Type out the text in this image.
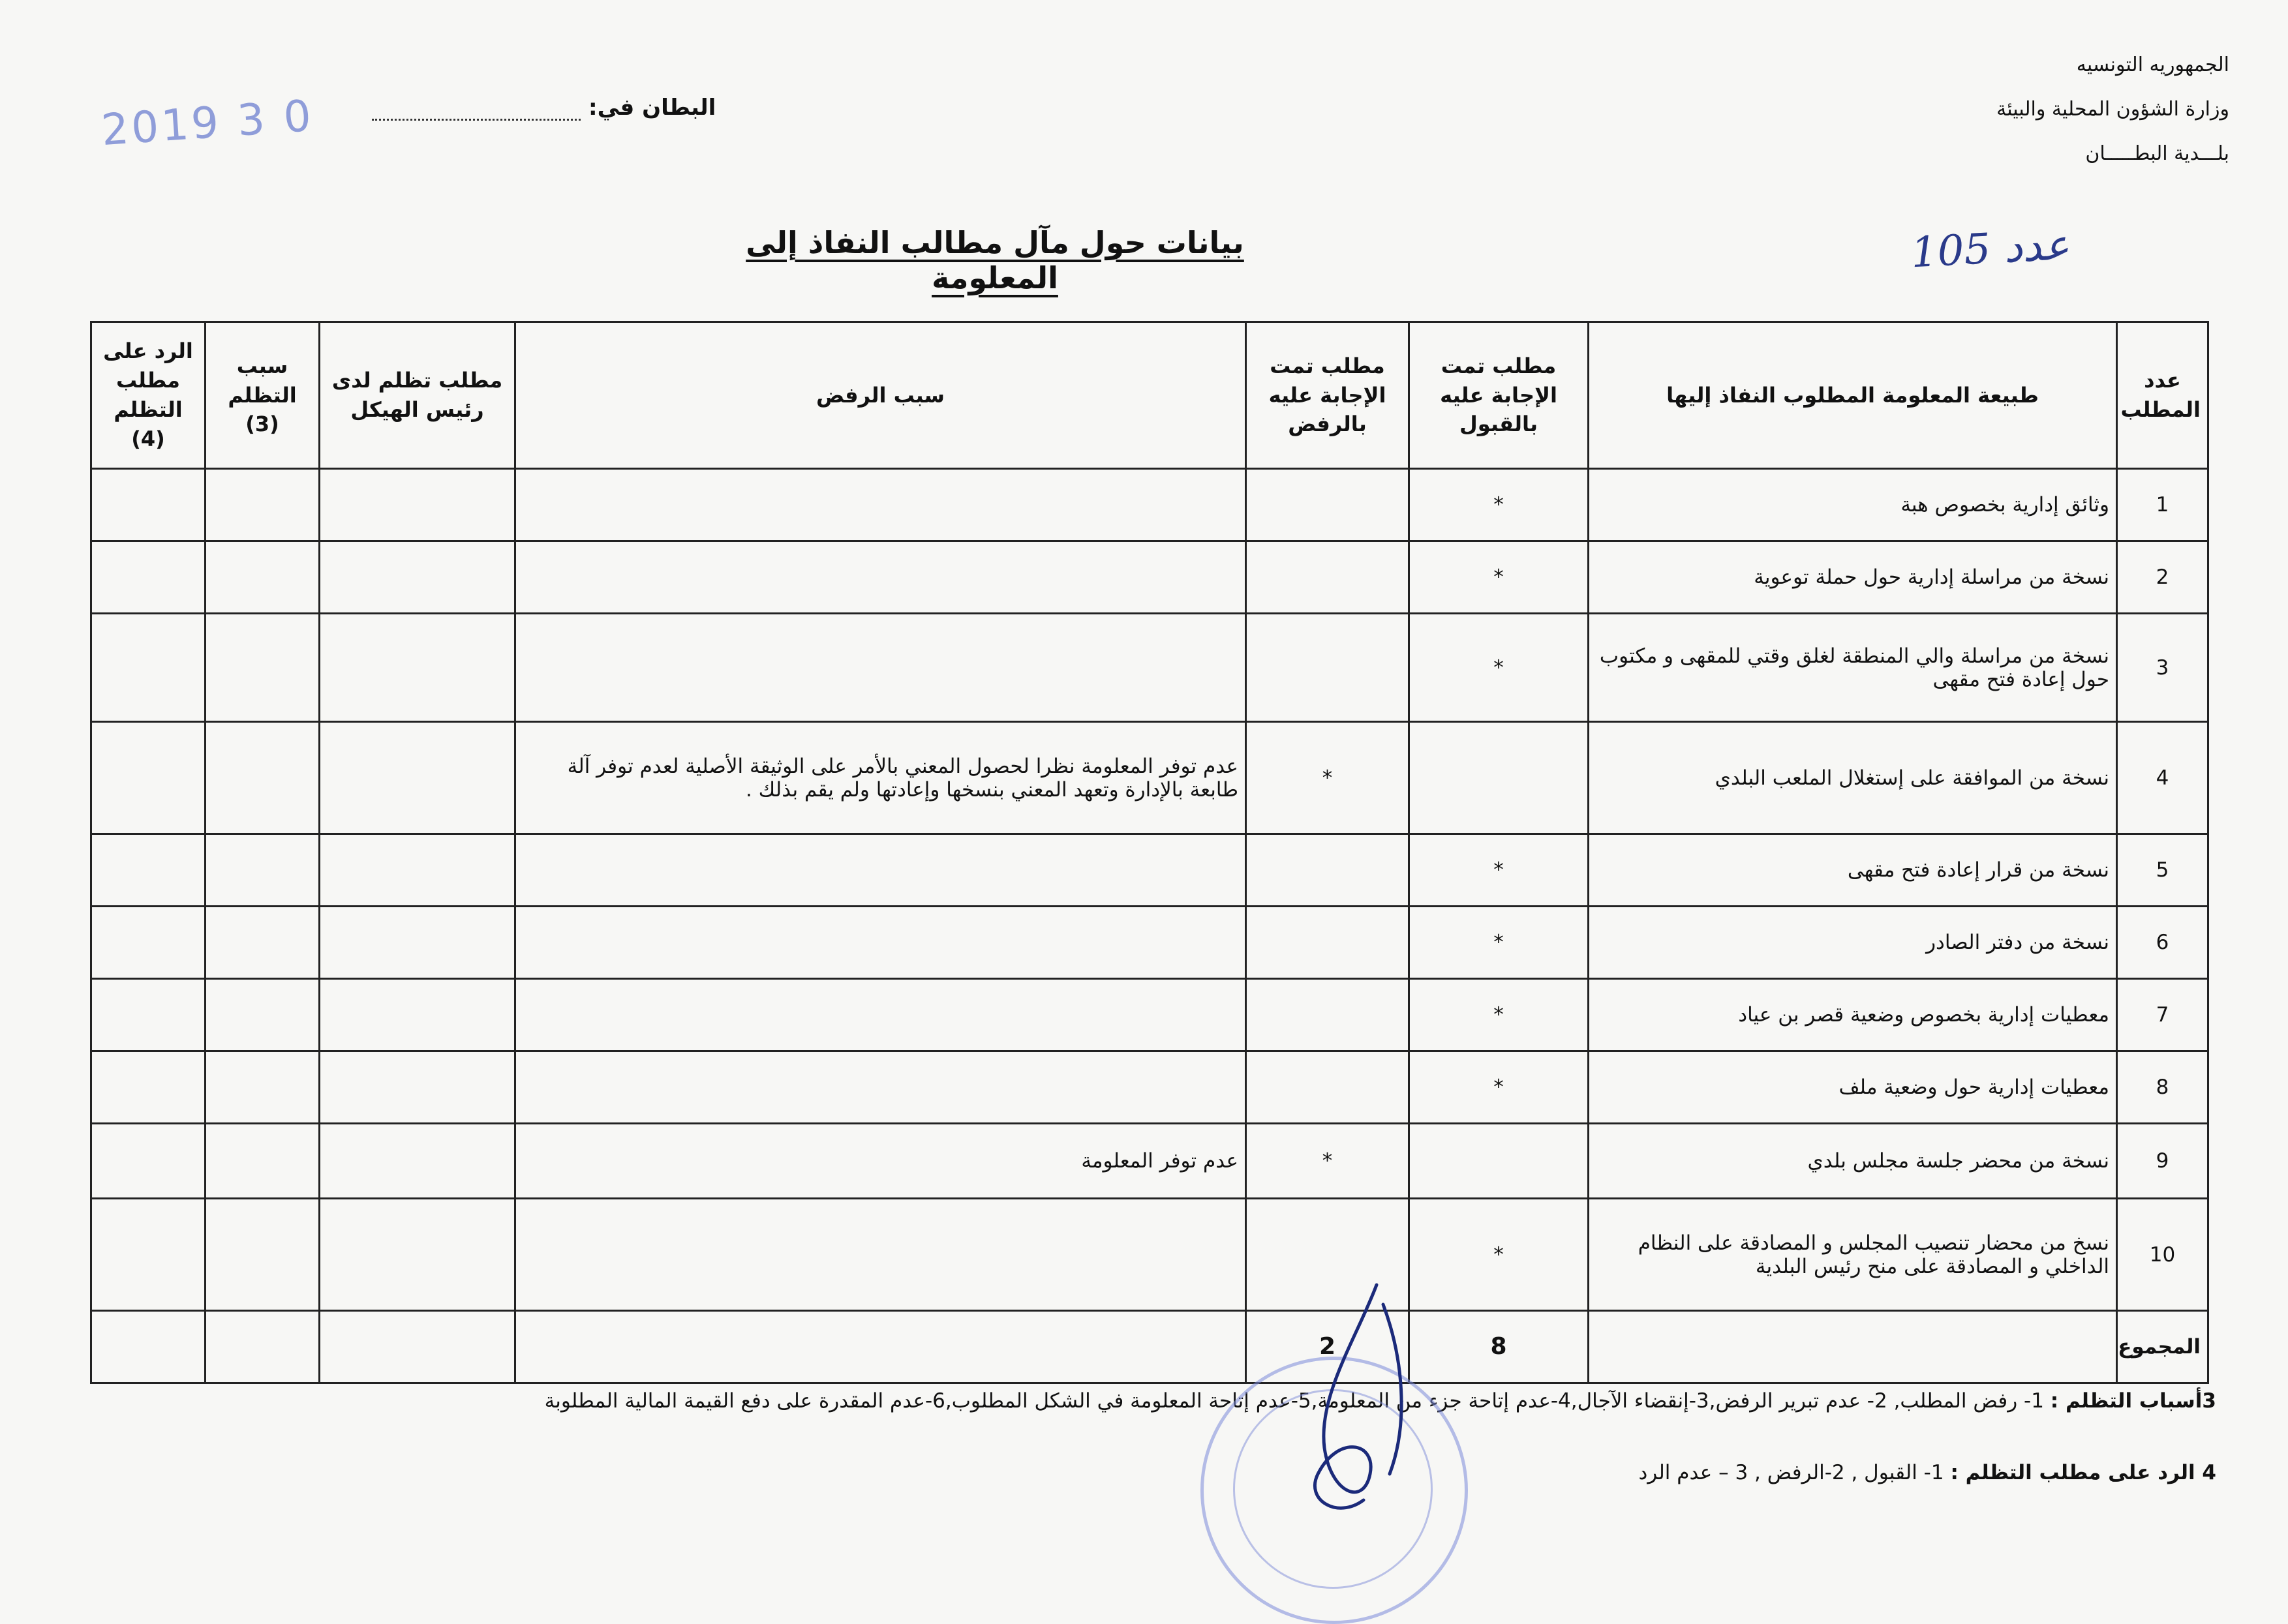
الجمهوريه التونسيه
وزارة الشؤون المحلية والبيئة
بلـــدية البطـــــان
عدد 105
البطان في:
2019 3 0
بيانات حول مآل مطالب النفاذ إلى المعلومة
عدد المطلب	طبيعة المعلومة المطلوب النفاذ إليها	مطلب تمت الإجابة عليه بالقبول	مطلب تمت الإجابة عليه بالرفض	سبب الرفض	مطلب تظلم لدى رئيس الهيكل	سبب التظلم (3)	الرد على مطلب التظلم (4)
1	وثائق إدارية بخصوص هبة	*					
2	نسخة من مراسلة إدارية حول حملة توعوية	*					
3	نسخة من مراسلة والي المنطقة لغلق وقتي للمقهى و مكتوب حول إعادة فتح مقهى	*					
4	نسخة من الموافقة على إستغلال الملعب البلدي		*	عدم توفر المعلومة نظرا لحصول المعني بالأمر على الوثيقة الأصلية لعدم توفر آلة طابعة بالإدارة وتعهد المعني بنسخها وإعادتها ولم يقم بذلك .			
5	نسخة من قرار إعادة فتح مقهى	*					
6	نسخة من دفتر الصادر	*					
7	معطيات إدارية بخصوص وضعية قصر بن عياد	*					
8	معطيات إدارية حول وضعية ملف	*					
9	نسخة من محضر جلسة مجلس بلدي		*	عدم توفر المعلومة			
10	نسخ من محضار تنصيب المجلس و المصادقة على النظام الداخلي و المصادقة على منح رئيس البلدية	*					
المجموع		8	2				
3أسباب التظلم : 1- رفض المطلب, 2- عدم تبرير الرفض,3-إنقضاء الآجال,4-عدم إتاحة جزء من المعلومة,5-عدم إتاحة المعلومة في الشكل المطلوب,6-عدم المقدرة على دفع القيمة المالية المطلوبة
4 الرد على مطلب التظلم : 1- القبول , 2-الرفض , 3 – عدم الرد
